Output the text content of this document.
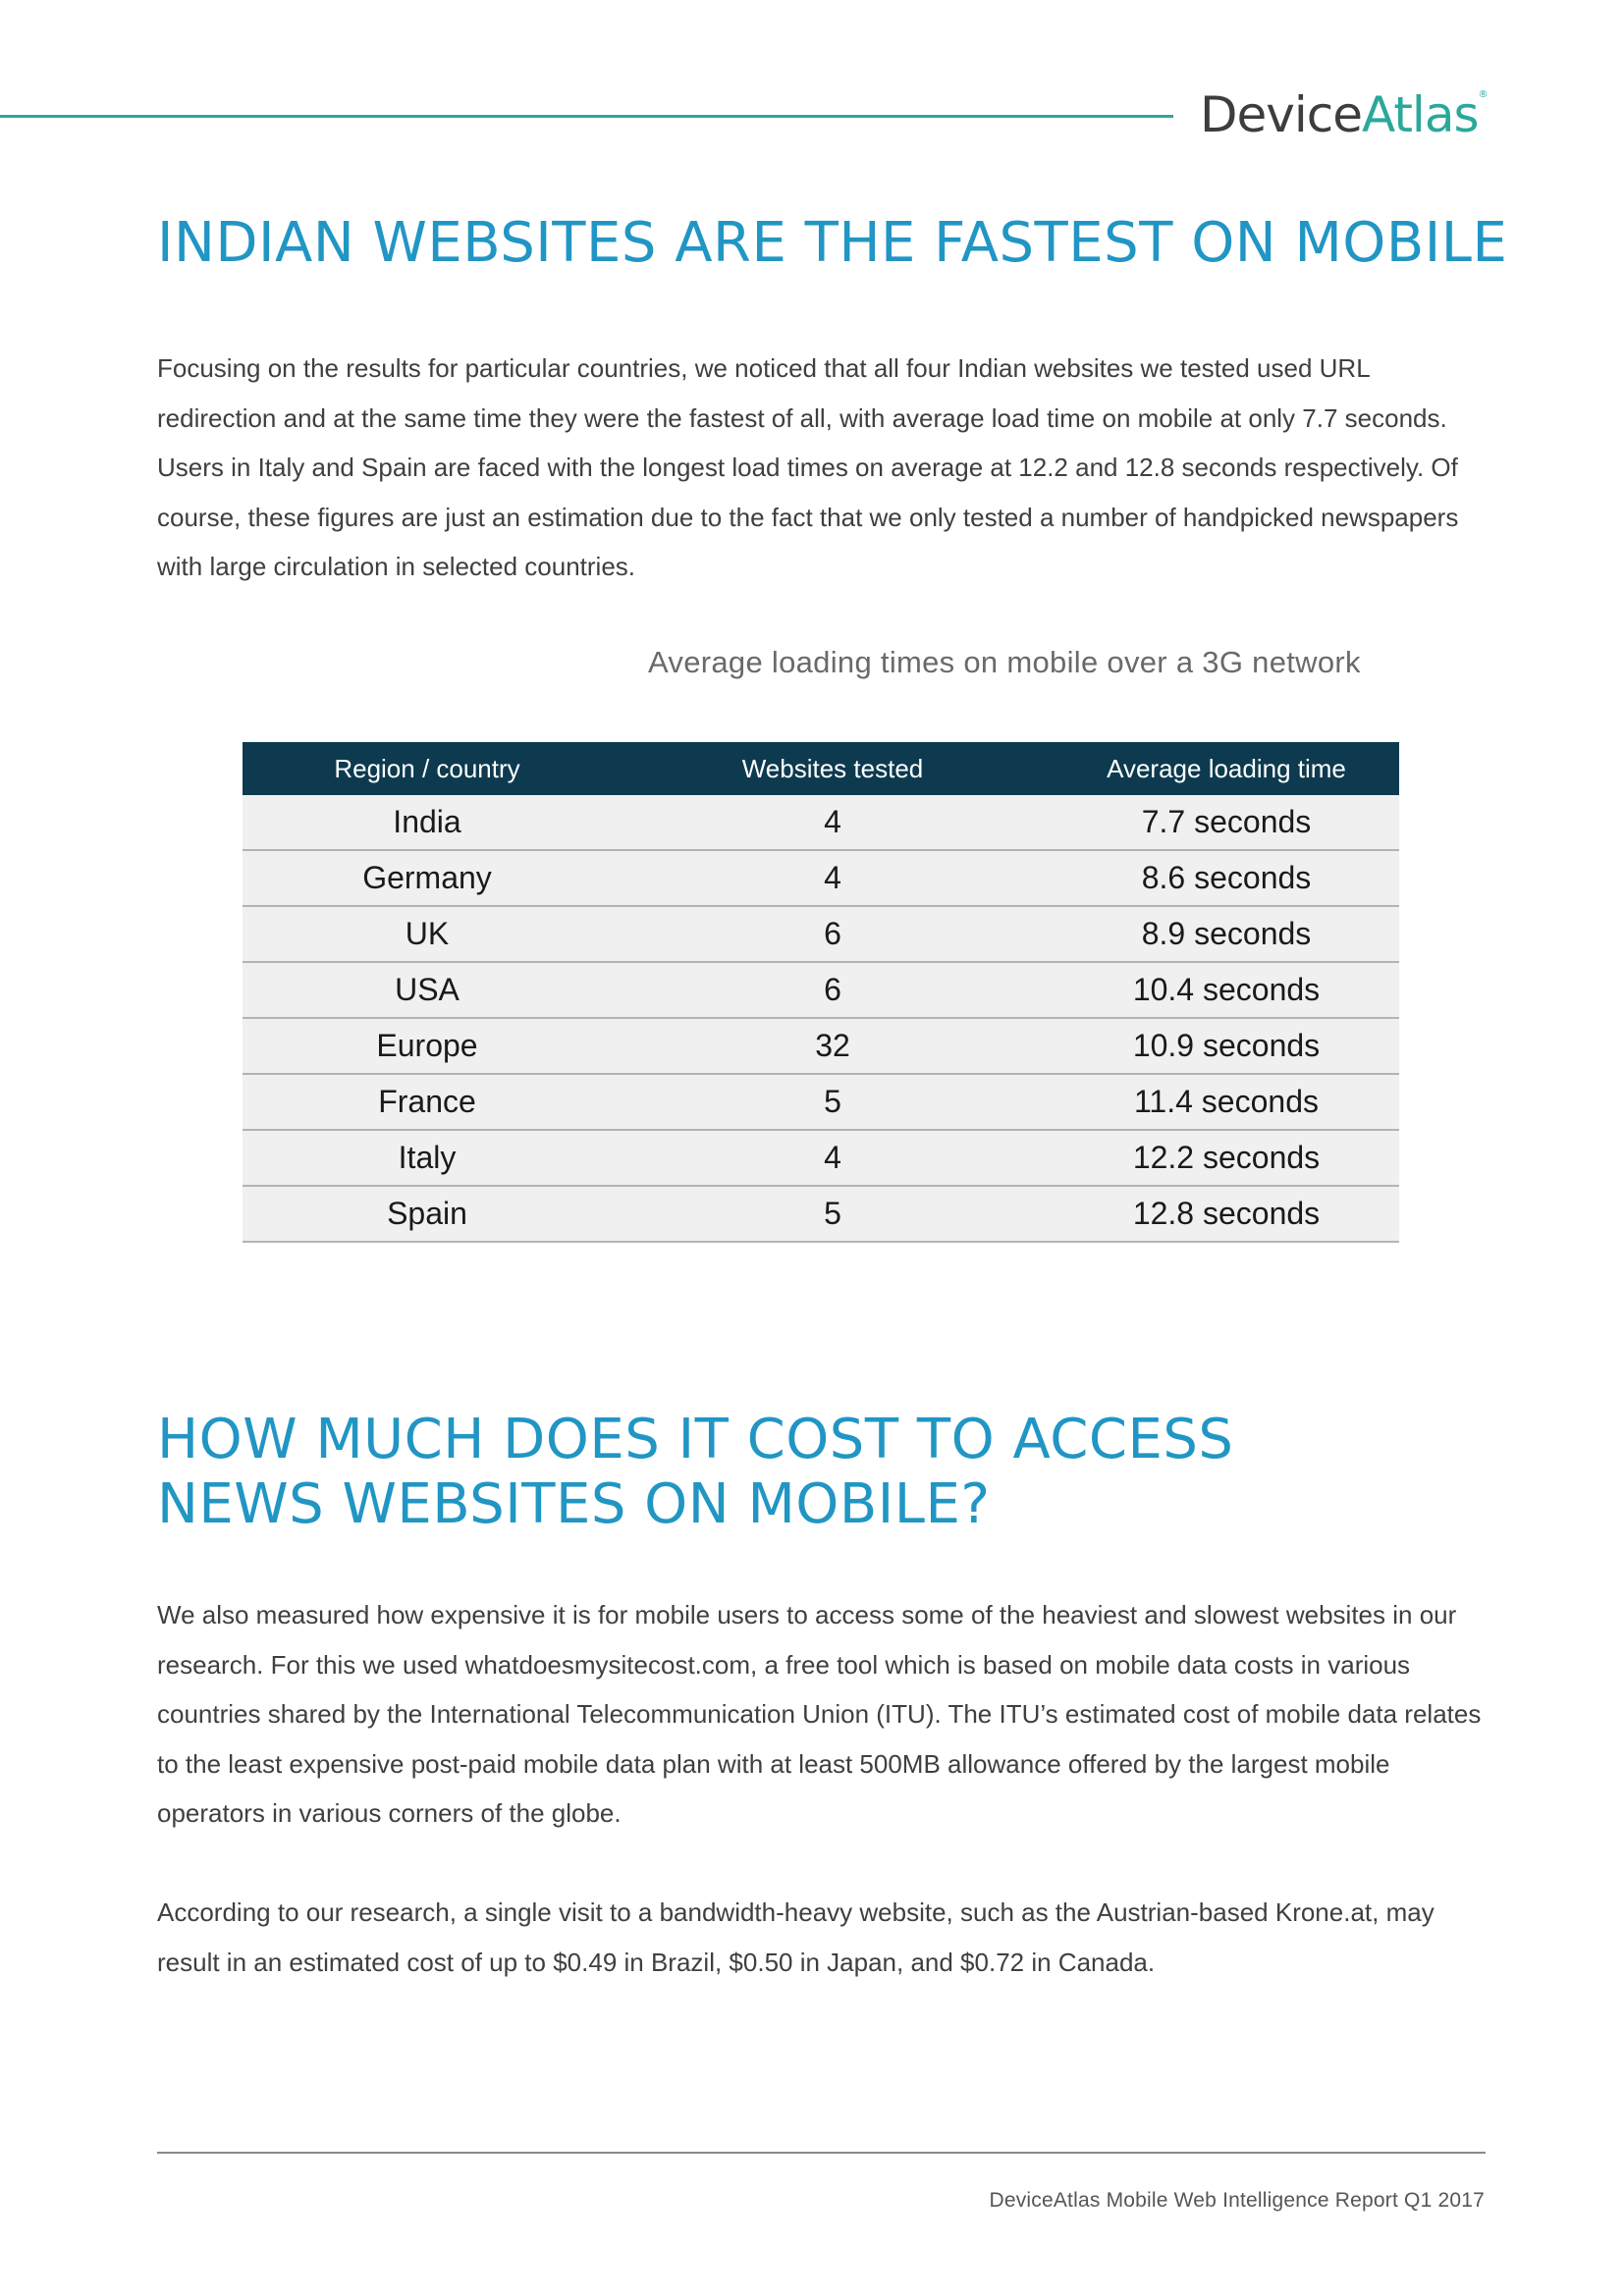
DeviceAtlas®
INDIAN WEBSITES ARE THE FASTEST ON MOBILE

Focusing on the results for particular countries, we noticed that all four Indian websites we tested used URL redirection and at the same time they were the fastest of all, with average load time on mobile at only 7.7 seconds. Users in Italy and Spain are faced with the longest load times on average at 12.2 and 12.8 seconds respectively. Of course, these figures are just an estimation due to the fact that we only tested a number of handpicked newspapers with large circulation in selected countries.

Average loading times on mobile over a 3G network
Region / country	Websites tested	Average loading time
India	4	7.7 seconds
Germany	4	8.6 seconds
UK	6	8.9 seconds
USA	6	10.4 seconds
Europe	32	10.9 seconds
France	5	11.4 seconds
Italy	4	12.2 seconds
Spain	5	12.8 seconds
HOW MUCH DOES IT COST TO ACCESS NEWS WEBSITES ON MOBILE?

We also measured how expensive it is for mobile users to access some of the heaviest and slowest websites in our research. For this we used whatdoesmysitecost.com, a free tool which is based on mobile data costs in various countries shared by the International Telecommunication Union (ITU). The ITU’s estimated cost of mobile data relates to the least expensive post-paid mobile data plan with at least 500MB allowance offered by the largest mobile operators in various corners of the globe.

According to our research, a single visit to a bandwidth-heavy website, such as the Austrian-based Krone.at, may result in an estimated cost of up to $0.49 in Brazil, $0.50 in Japan, and $0.72 in Canada.

DeviceAtlas Mobile Web Intelligence Report Q1 2017
